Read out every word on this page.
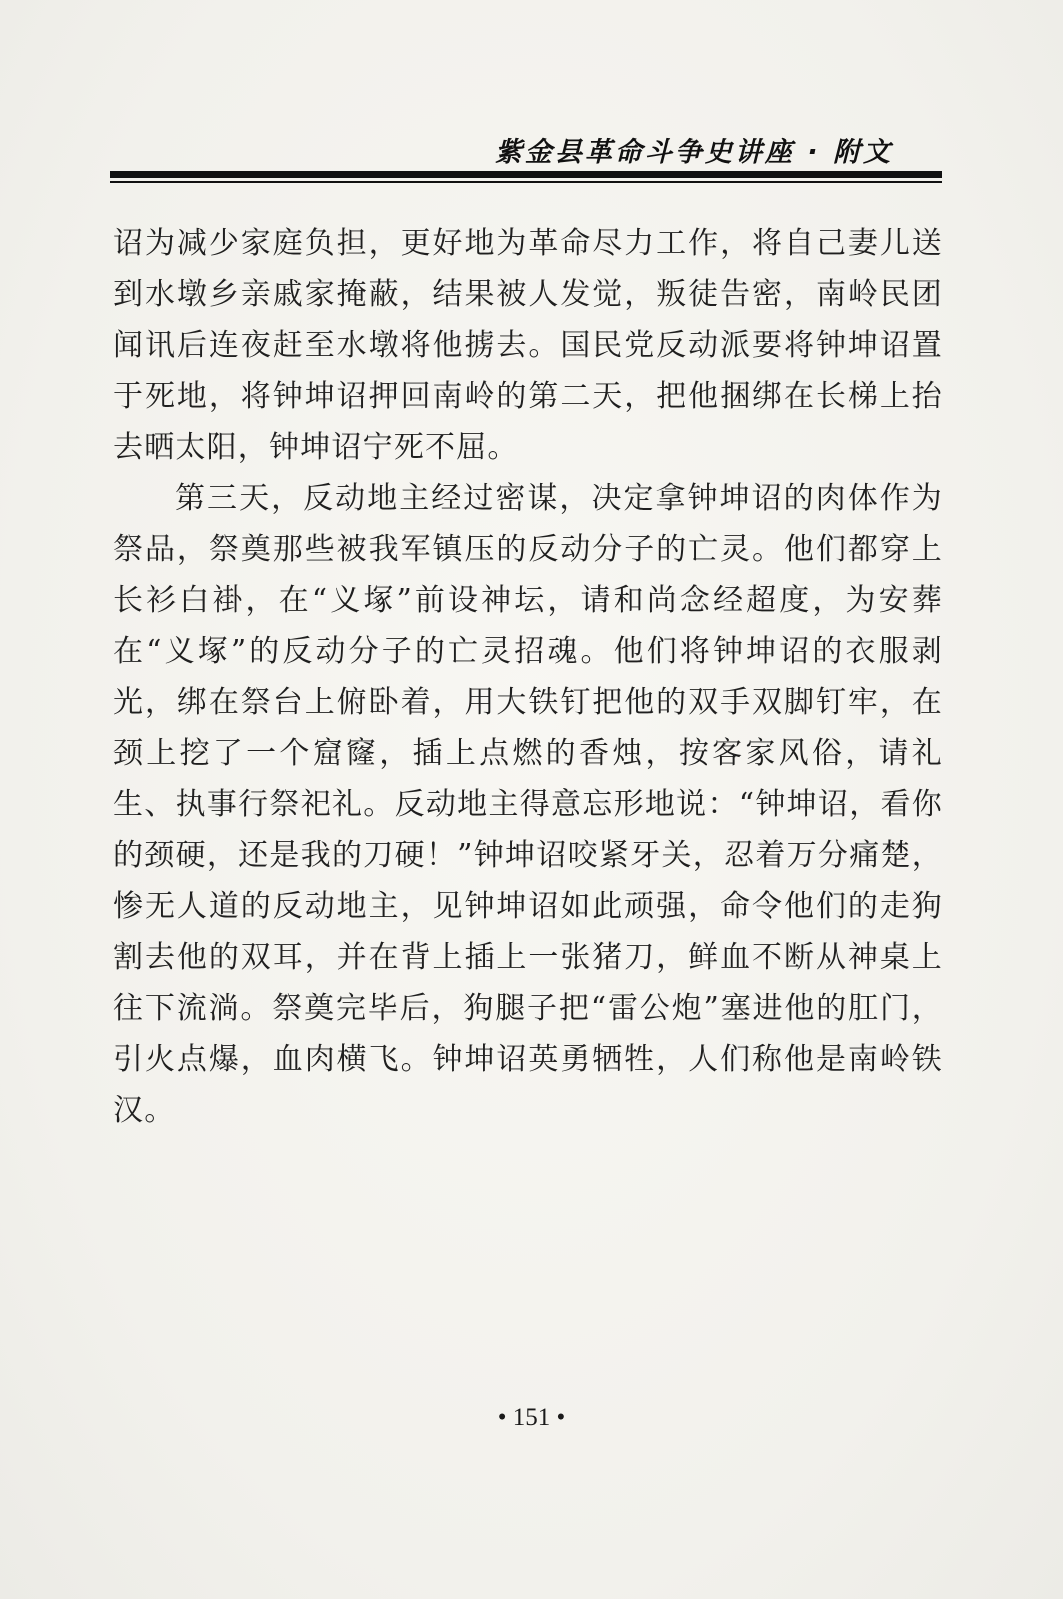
紫金县革命斗争史讲座 · 附文

诏为减少家庭负担，更好地为革命尽力工作，将自己妻儿送到水墩乡亲戚家掩蔽，结果被人发觉，叛徒告密，南岭民团闻讯后连夜赶至水墩将他掳去。国民党反动派要将钟坤诏置于死地，将钟坤诏押回南岭的第二天，把他捆绑在长梯上抬去晒太阳，钟坤诏宁死不屈。

第三天，反动地主经过密谋，决定拿钟坤诏的肉体作为祭品，祭奠那些被我军镇压的反动分子的亡灵。他们都穿上长衫白褂，在“义塚”前设神坛，请和尚念经超度，为安葬在“义塚”的反动分子的亡灵招魂。他们将钟坤诏的衣服剥光，绑在祭台上俯卧着，用大铁钉把他的双手双脚钉牢，在颈上挖了一个窟窿，插上点燃的香烛，按客家风俗，请礼生、执事行祭祀礼。反动地主得意忘形地说：“钟坤诏，看你的颈硬，还是我的刀硬！”钟坤诏咬紧牙关，忍着万分痛楚，惨无人道的反动地主，见钟坤诏如此顽强，命令他们的走狗割去他的双耳，并在背上插上一张猪刀，鲜血不断从神桌上往下流淌。祭奠完毕后，狗腿子把“雷公炮”塞进他的肛门，引火点爆，血肉横飞。钟坤诏英勇牺牲，人们称他是南岭铁汉。

• 151 •
